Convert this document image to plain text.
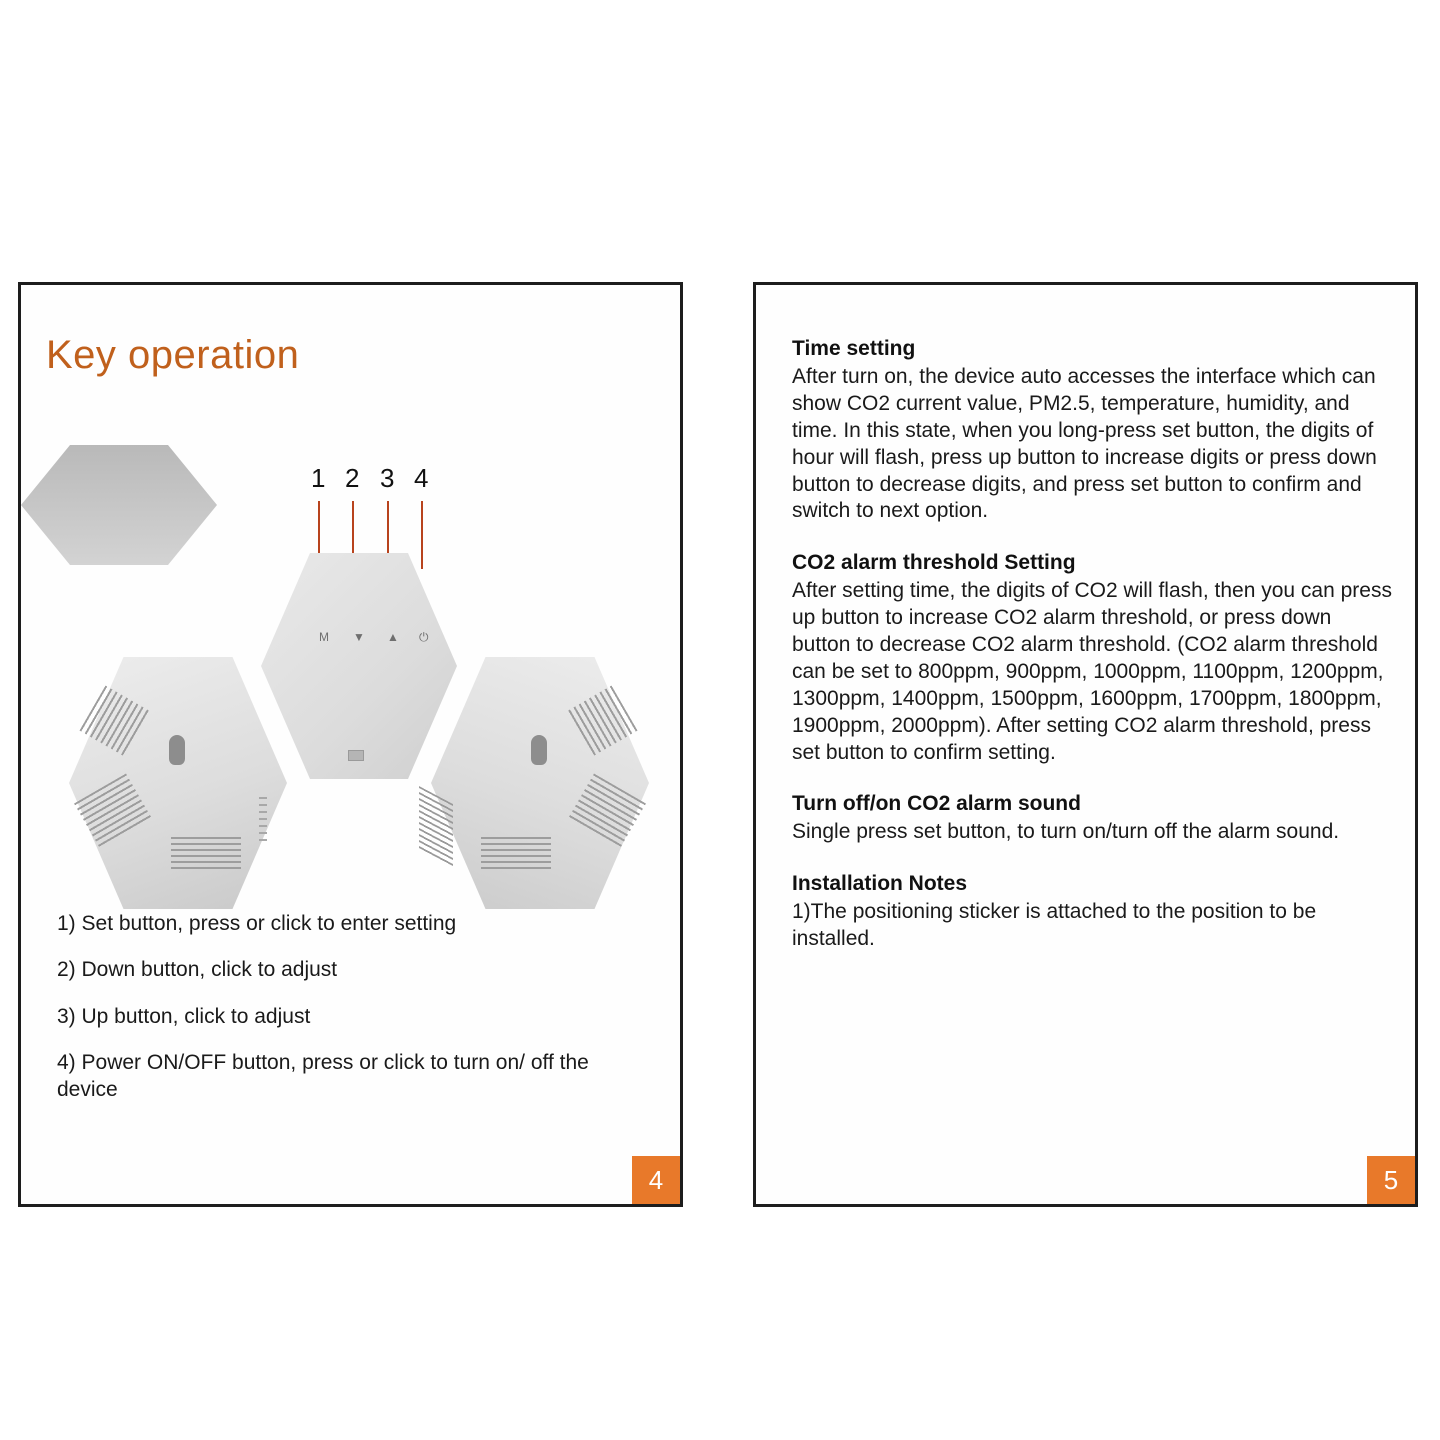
Key operation
1 2 3 4
M ▼ ▲ ⏻
1) Set button, press or click to enter setting
2) Down button, click to adjust
3) Up button, click to adjust
4) Power ON/OFF button, press or click to turn on/ off the device
4
Time setting
After turn on, the device auto accesses the interface which can show CO2 current value, PM2.5, temperature, humidity, and time. In this state, when you long-press set button, the digits of hour will flash, press up button to increase digits or press down button to decrease digits, and press set button to confirm and switch to next option.
CO2 alarm threshold Setting
After setting time, the digits of CO2 will flash, then you can press up button to increase CO2 alarm threshold, or press down button to decrease CO2 alarm threshold. (CO2 alarm threshold can be set to 800ppm, 900ppm, 1000ppm, 1100ppm, 1200ppm, 1300ppm, 1400ppm, 1500ppm, 1600ppm, 1700ppm, 1800ppm, 1900ppm, 2000ppm). After setting CO2 alarm threshold, press set button to confirm setting.
Turn off/on CO2 alarm sound
Single press set button, to turn on/turn off the alarm sound.
Installation Notes
1)The positioning sticker is attached to the position to be installed.
5
